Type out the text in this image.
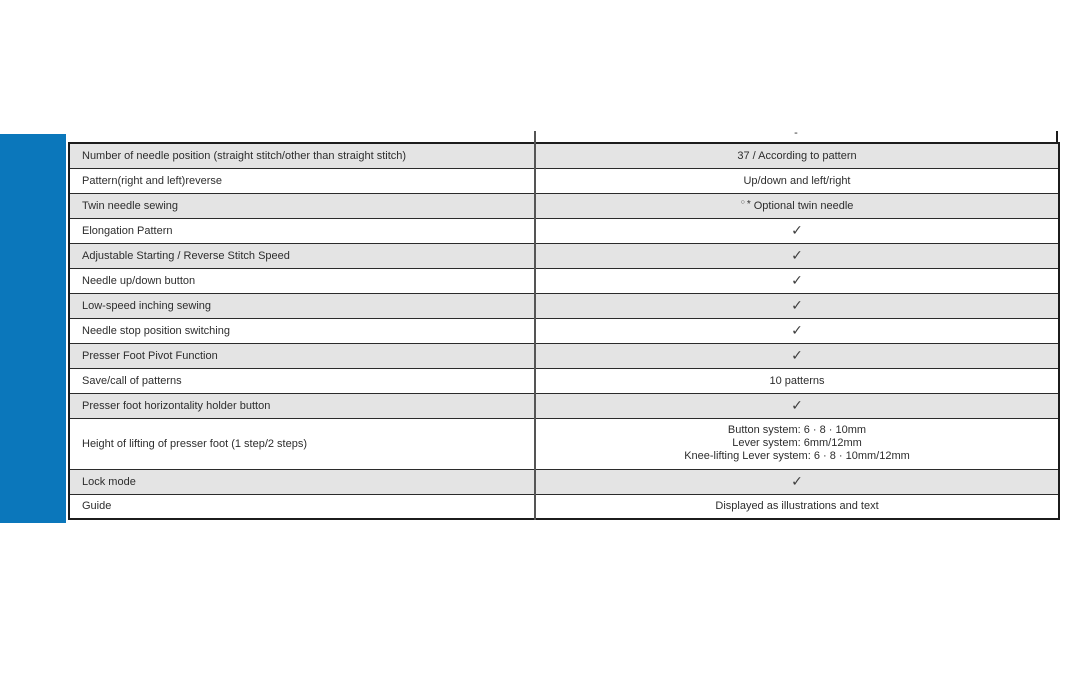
-
Number of needle position (straight stitch/other than straight stitch)	37 / According to pattern
Pattern(right and left)reverse	Up/down and left/right
Twin needle sewing	○ * Optional twin needle
Elongation Pattern	✓
Adjustable Starting / Reverse Stitch Speed	✓
Needle up/down button	✓
Low-speed inching sewing	✓
Needle stop position switching	✓
Presser Foot Pivot Function	✓
Save/call of patterns	10 patterns
Presser foot horizontality holder button	✓
Height of lifting of presser foot (1 step/2 steps)	Button system: 6 · 8 · 10mm
Lever system: 6mm/12mm
Knee-lifting Lever system: 6 · 8 · 10mm/12mm

Lock mode	✓
Guide	Displayed as illustrations and text
